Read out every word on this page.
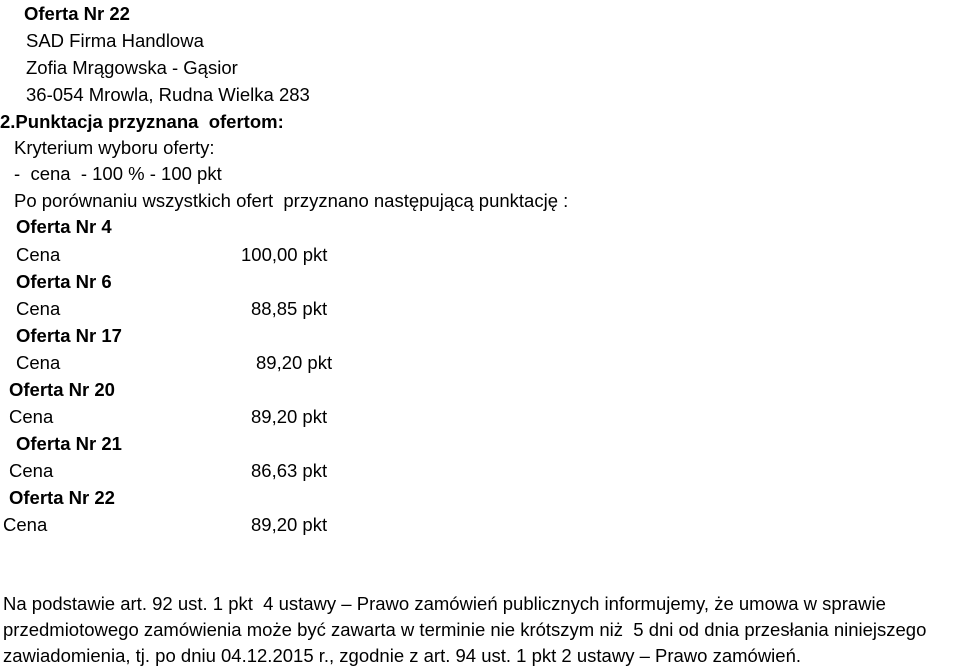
Oferta Nr 22
SAD Firma Handlowa
Zofia Mrągowska - Gąsior
36-054 Mrowla, Rudna Wielka 283
2.Punktacja przyznana  ofertom:
Kryterium wyboru oferty:
-  cena  - 100 % - 100 pkt
Po porównaniu wszystkich ofert  przyznano następującą punktację :
Oferta Nr 4
Cena	100,00 pkt
Oferta Nr 6
Cena	88,85 pkt
Oferta Nr 17
Cena	89,20 pkt
Oferta Nr 20
Cena	89,20 pkt
Oferta Nr 21
Cena	86,63 pkt
Oferta Nr 22
Cena	89,20 pkt
Na podstawie art. 92 ust. 1 pkt  4 ustawy – Prawo zamówień publicznych informujemy, że umowa w sprawie
przedmiotowego zamówienia może być zawarta w terminie nie krótszym niż  5 dni od dnia przesłania niniejszego
zawiadomienia, tj. po dniu 04.12.2015 r., zgodnie z art. 94 ust. 1 pkt 2 ustawy – Prawo zamówień.
